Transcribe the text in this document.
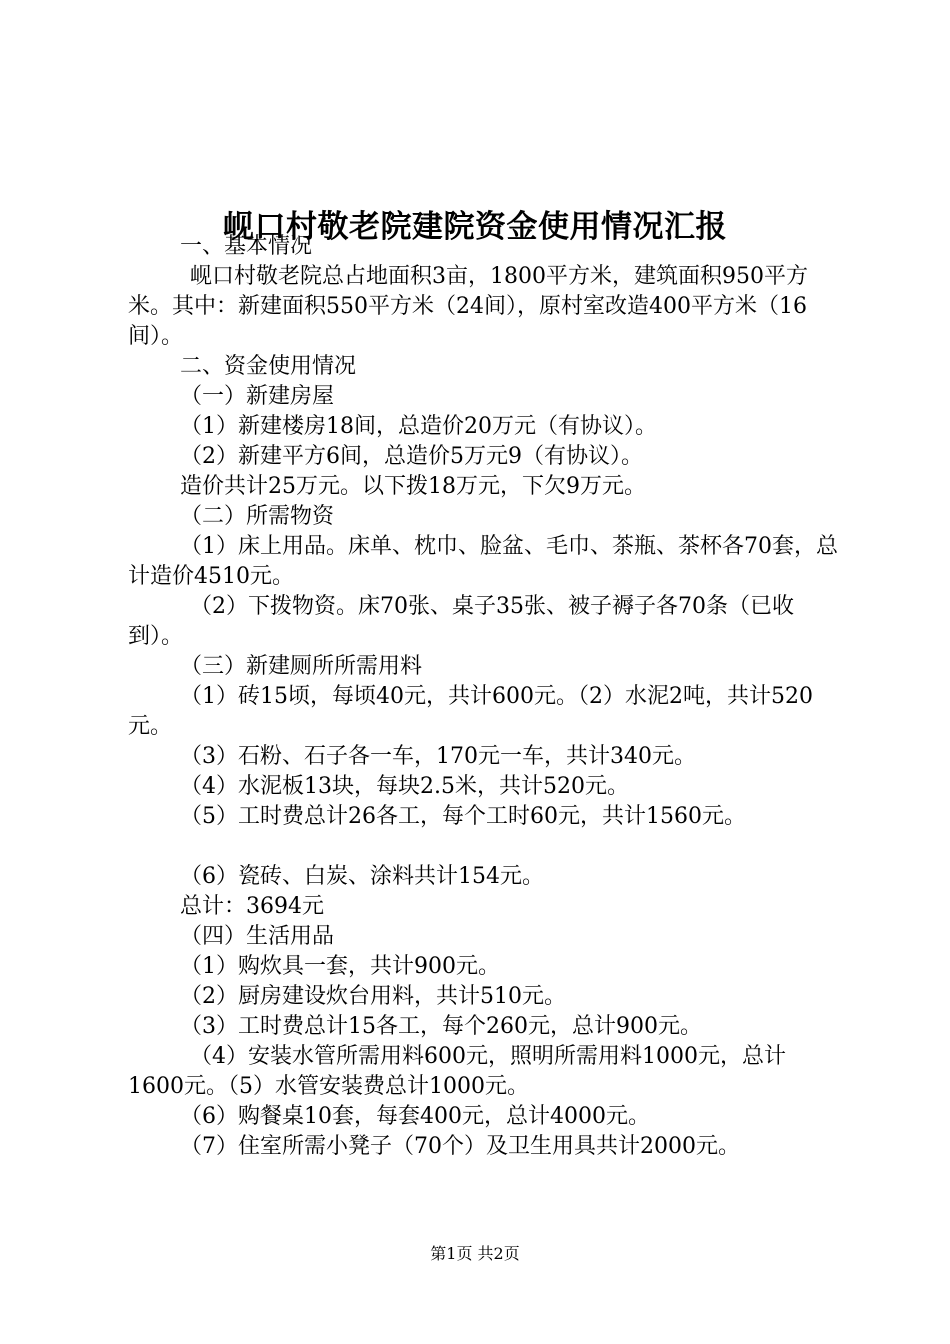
岘口村敬老院建院资金使用情况汇报

一、基本情况

岘口村敬老院总占地面积3亩，1800平方米，建筑面积950平方米。其中：新建面积550平方米（24间），原村室改造400平方米（16间）。

二、资金使用情况

（一）新建房屋

（1）新建楼房18间，总造价20万元（有协议）。

（2）新建平方6间，总造价5万元9（有协议）。

造价共计25万元。以下拨18万元，下欠9万元。

（二）所需物资

（1）床上用品。床单、枕巾、脸盆、毛巾、茶瓶、茶杯各70套，总计造价4510元。

（2）下拨物资。床70张、桌子35张、被子褥子各70条（已收到）。

（三）新建厕所所需用料

（1）砖15顷，每顷40元，共计600元。（2）水泥2吨，共计520元。

（3）石粉、石子各一车，170元一车，共计340元。

（4）水泥板13块，每块2.5米，共计520元。

（5）工时费总计26各工，每个工时60元，共计1560元。

（6）瓷砖、白炭、涂料共计154元。

总计：3694元

（四）生活用品

（1）购炊具一套，共计900元。

（2）厨房建设炊台用料，共计510元。

（3）工时费总计15各工，每个260元，总计900元。

（4）安装水管所需用料600元，照明所需用料1000元，总计1600元。（5）水管安装费总计1000元。

（6）购餐桌10套，每套400元，总计4000元。

（7）住室所需小凳子（70个）及卫生用具共计2000元。

第1页 共2页
